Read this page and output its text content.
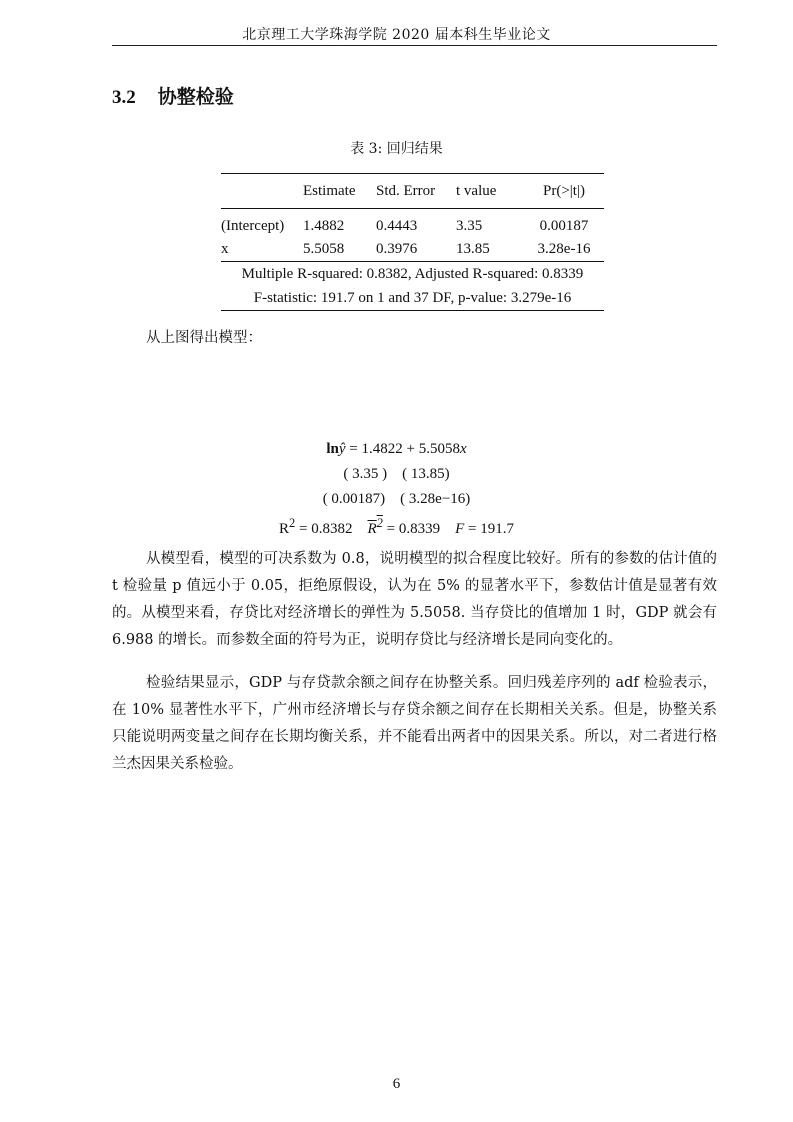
北京理工大学珠海学院 2020 届本科生毕业论文
3.2 协整检验
表 3: 回归结果
	Estimate	Std. Error	t value	Pr(>|t|)
(Intercept)	1.4882	0.4443	3.35	0.00187
x	5.5058	0.3976	13.85	3.28e-16
Multiple R-squared: 0.8382, Adjusted R-squared: 0.8339				
F-statistic: 191.7 on 1 and 37 DF, p-value: 3.279e-16				
从上图得出模型：
lnŷ = 1.4822 + 5.5058x
( 3.35 )    ( 13.85)
( 0.00187)    ( 3.28e−16)
$R^2 = 0.8382$ $R^2 = 0.8339$ F = 191.7

从模型看，模型的可决系数为 0.8，说明模型的拟合程度比较好。所有的参数的估计值的 t 检验量 p 值远小于 0.05，拒绝原假设，认为在 5% 的显著水平下，参数估计值是显著有效的。从模型来看，存贷比对经济增长的弹性为 5.5058. 当存贷比的值增加 1 时，GDP 就会有 6.988 的增长。而参数全面的符号为正，说明存贷比与经济增长是同向变化的。

检验结果显示，GDP 与存贷款余额之间存在协整关系。回归残差序列的 adf 检验表示，在 10% 显著性水平下，广州市经济增长与存贷余额之间存在长期相关关系。但是，协整关系只能说明两变量之间存在长期均衡关系，并不能看出两者中的因果关系。所以，对二者进行格兰杰因果关系检验。

6
